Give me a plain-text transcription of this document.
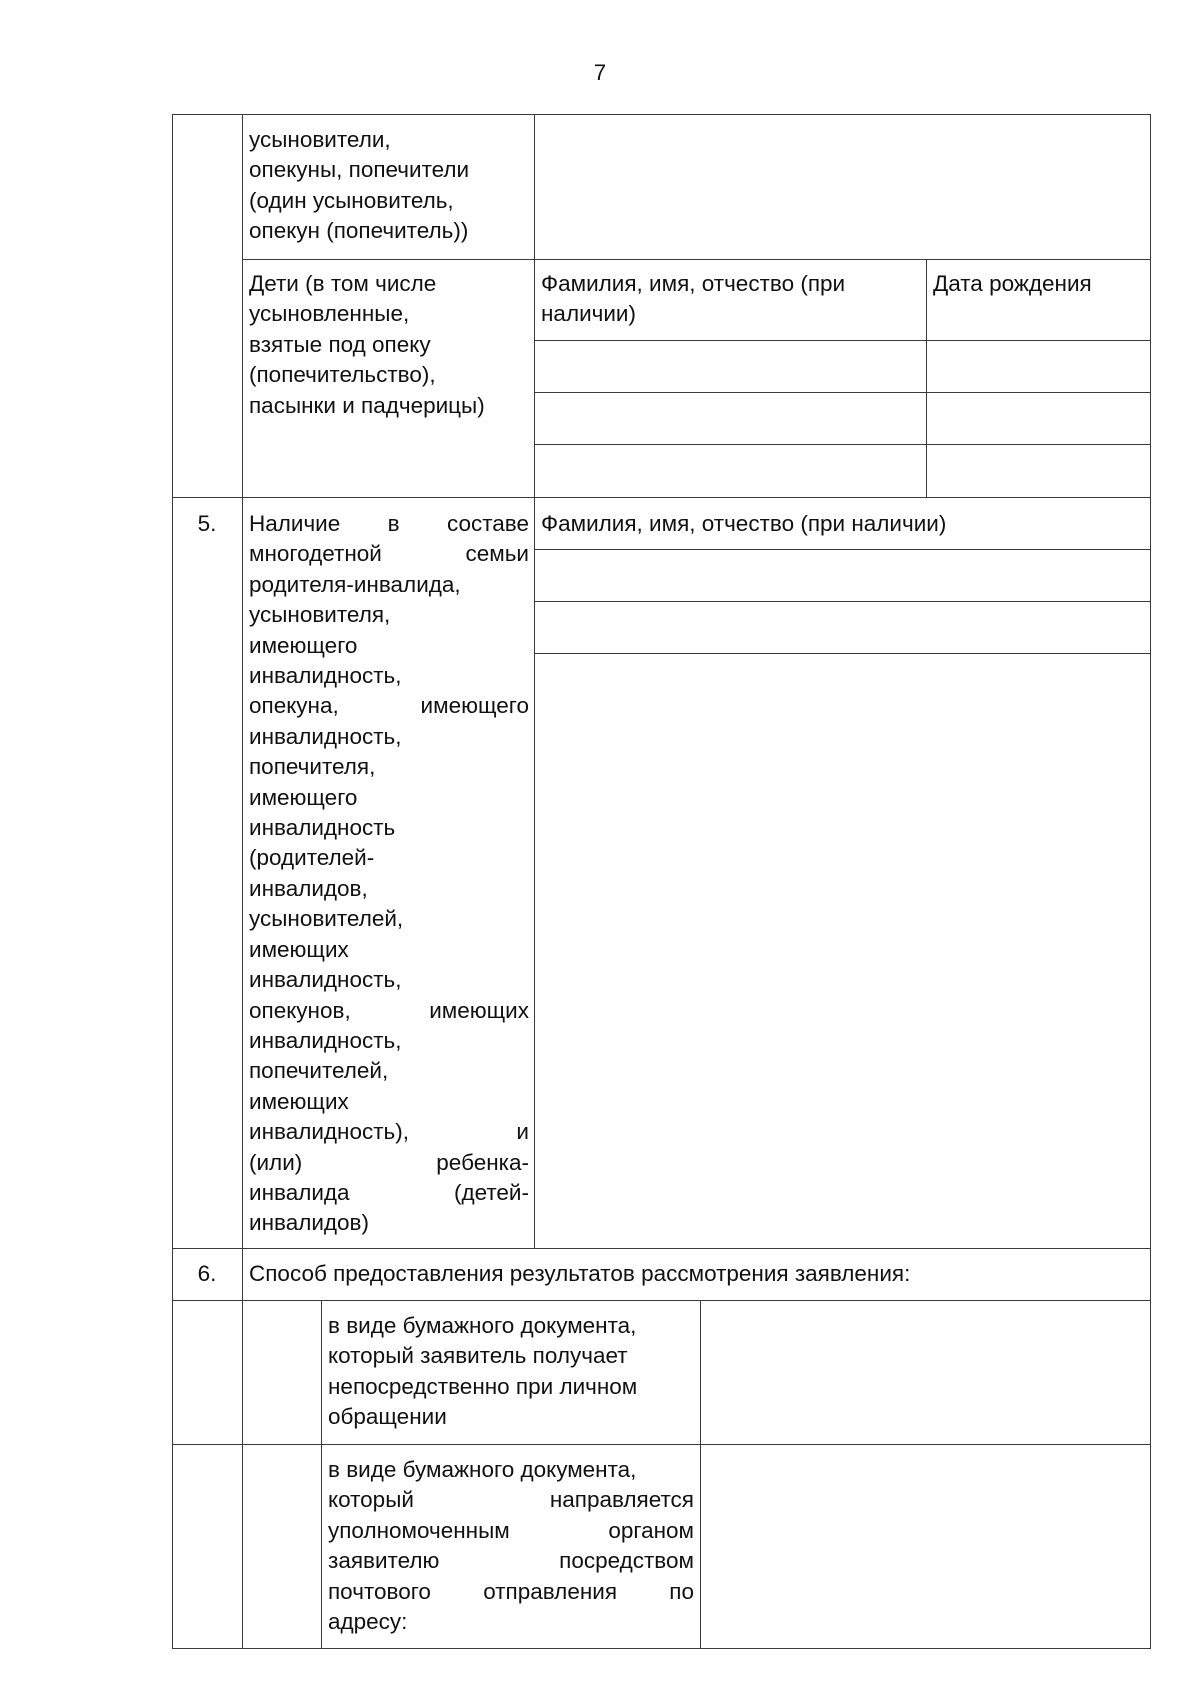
7
усыновители,
опекуны, попечители
(один усыновитель,
опекун (попечитель))
Дети (в том числе
усыновленные,
взятые под опеку
(попечительство),
пасынки и падчерицы)
Фамилия, имя, отчество (при
наличии)
Дата рождения
5.	Наличие в составе
многодетной семьи
родителя-инвалида,
усыновителя,
имеющего
инвалидность,
опекуна, имеющего
инвалидность,
попечителя,
имеющего
инвалидность
(родителей-
инвалидов,
усыновителей,
имеющих
инвалидность,
опекунов, имеющих
инвалидность,
попечителей,
имеющих
инвалидность), и
(или) ребенка-
инвалида (детей-
инвалидов)
Фамилия, имя, отчество (при наличии)
6.	Способ предоставления результатов рассмотрения заявления:
в виде бумажного документа,
который заявитель получает
непосредственно при личном
обращении
в виде бумажного документа,
который направляется
уполномоченным органом
заявителю посредством
почтового отправления по
адресу:
